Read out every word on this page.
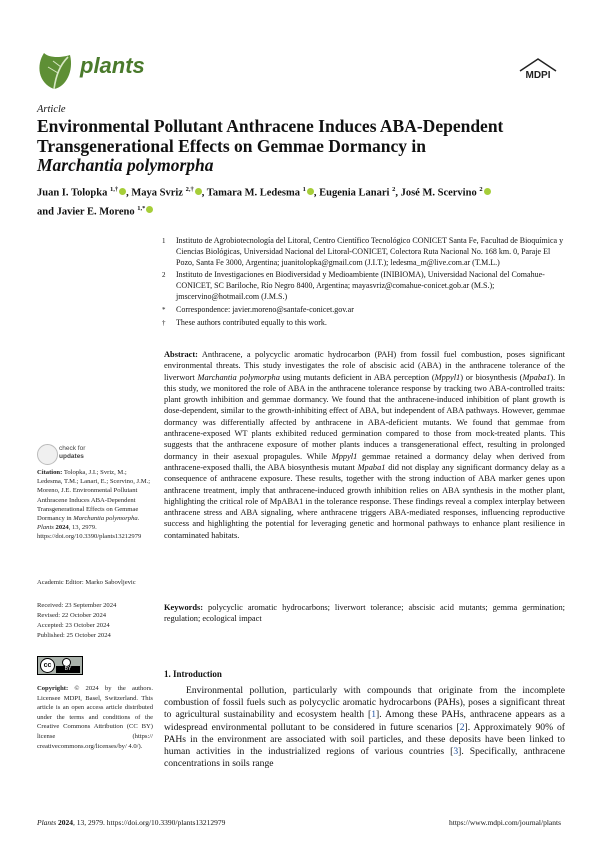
plants	MDPI
Article
Environmental Pollutant Anthracene Induces ABA-Dependent Transgenerational Effects on Gemmae Dormancy in
Marchantia polymorpha
Juan I. Tolopka $^{1,\dagger}$ , Maya Svriz $^{2,\dagger}$ , Tamara M. Ledesma $^1$ , Eugenia Lanari $^2$, José M. Scervino $^2$
and Javier E. Moreno $^{1,*}$
1	Instituto de Agrobiotecnología del Litoral, Centro Científico Tecnológico CONICET Santa Fe, Facultad de Bioquímica y Ciencias Biológicas, Universidad Nacional del Litoral-CONICET, Colectora Ruta Nacional No. 168 km. 0, Paraje El Pozo, Santa Fe 3000, Argentina; juanitolopka@gmail.com (J.I.T.); ledesma_m@live.com.ar (T.M.L.)
2	Instituto de Investigaciones en Biodiversidad y Medioambiente (INIBIOMA), Universidad Nacional del Comahue-CONICET, SC Bariloche, Río Negro 8400, Argentina; mayasvriz@comahue-conicet.gob.ar (M.S.); jmscervino@hotmail.com (J.M.S.)
*	Correspondence: javier.moreno@santafe-conicet.gov.ar
†	These authors contributed equally to this work.
Abstract: Anthracene, a polycyclic aromatic hydrocarbon (PAH) from fossil fuel combustion, poses significant environmental threats. This study investigates the role of abscisic acid (ABA) in the anthracene tolerance of the liverwort Marchantia polymorpha using mutants deficient in ABA perception (Mppyl1) or biosynthesis (Mpaba1). In this study, we monitored the role of ABA in the anthracene tolerance response by tracking two ABA-controlled traits: plant growth inhibition and gemmae dormancy. We found that the anthracene-induced inhibition of plant growth is dose-dependent, similar to the growth-inhibiting effect of ABA, but independent of ABA pathways. However, gemmae dormancy was differentially affected by anthracene in ABA-deficient mutants. We found that gemmae from anthracene-exposed WT plants exhibited reduced germination compared to those from mock-treated plants. This suggests that the anthracene exposure of mother plants induces a transgenerational effect, resulting in prolonged dormancy in their asexual propagules. While Mppyl1 gemmae retained a dormancy delay when derived from anthracene-exposed thalli, the ABA biosynthesis mutant Mpaba1 did not display any significant dormancy delay as a consequence of anthracene exposure. These results, together with the strong induction of ABA marker genes upon anthracene treatment, imply that anthracene-induced growth inhibition relies on ABA synthesis in the mother plant, highlighting the critical role of MpABA1 in the tolerance response. These findings reveal a complex interplay between anthracene stress and ABA signaling, where anthracene triggers ABA-mediated responses, influencing reproductive success and highlighting the potential for leveraging genetic and hormonal pathways to enhance plant resilience in contaminated habitats.
Keywords: polycyclic aromatic hydrocarbons; liverwort tolerance; abscisic acid mutants; gemma germination; regulation; ecological impact
check for
updates
Citation: Tolopka, J.I.; Svriz, M.; Ledesma, T.M.; Lanari, E.; Scervino, J.M.; Moreno, J.E. Environmental Pollutant Anthracene Induces ABA-Dependent Transgenerational Effects on Gemmae Dormancy in Marchantia polymorpha. Plants 2024, 13, 2979. https://doi.org/10.3390/plants13212979
Academic Editor: Marko Sabovljevic
Received: 23 September 2024
Revised: 22 October 2024
Accepted: 23 October 2024
Published: 25 October 2024
cc	BY
Copyright: © 2024 by the authors. Licensee MDPI, Basel, Switzerland. This article is an open access article distributed under the terms and conditions of the Creative Commons Attribution (CC BY) license (https:// creativecommons.org/licenses/by/ 4.0/).
1. Introduction
Environmental pollution, particularly with compounds that originate from the incomplete combustion of fossil fuels such as polycyclic aromatic hydrocarbons (PAHs), poses a significant threat to agricultural sustainability and ecosystem health [1]. Among these PAHs, anthracene appears as a widespread environmental pollutant to be considered in future scenarios [2]. Approximately 90% of PAHs in the environment are associated with soil particles, and these deposits have been linked to human activities in the industrialized regions of various countries [3]. Specifically, anthracene concentrations in soils range
Plants 2024, 13, 2979. https://doi.org/10.3390/plants13212979	https://www.mdpi.com/journal/plants
